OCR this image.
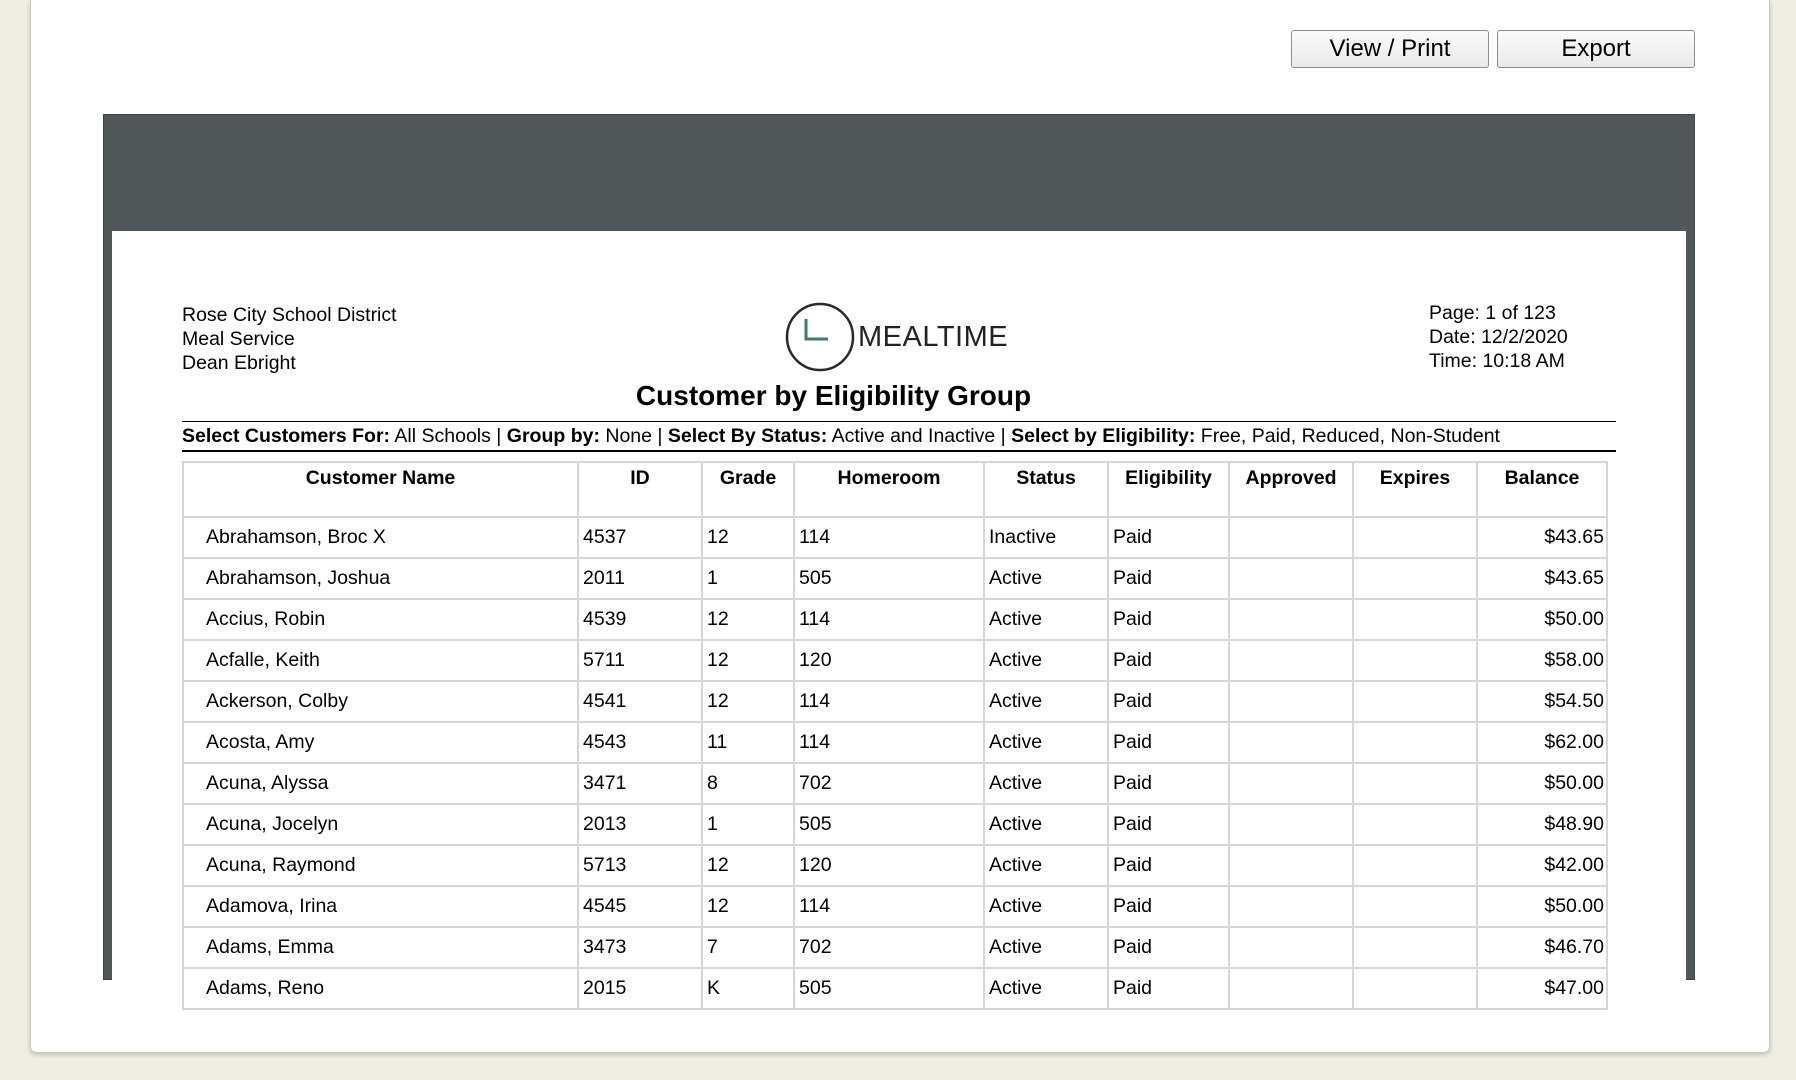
View / Print	Export
Rose City School District
Meal Service
Dean Ebright
MEALTIME
Page: 1 of 123
Date: 12/2/2020
Time: 10:18 AM
Customer by Eligibility Group
Select Customers For: All Schools | Group by: None | Select By Status: Active and Inactive | Select by Eligibility: Free, Paid, Reduced, Non-Student
Customer Name	ID	Grade	Homeroom	Status	Eligibility	Approved	Expires	Balance
Abrahamson, Broc X	4537	12	114	Inactive	Paid			$43.65
Abrahamson, Joshua	2011	1	505	Active	Paid			$43.65
Accius, Robin	4539	12	114	Active	Paid			$50.00
Acfalle, Keith	5711	12	120	Active	Paid			$58.00
Ackerson, Colby	4541	12	114	Active	Paid			$54.50
Acosta, Amy	4543	11	114	Active	Paid			$62.00
Acuna, Alyssa	3471	8	702	Active	Paid			$50.00
Acuna, Jocelyn	2013	1	505	Active	Paid			$48.90
Acuna, Raymond	5713	12	120	Active	Paid			$42.00
Adamova, Irina	4545	12	114	Active	Paid			$50.00
Adams, Emma	3473	7	702	Active	Paid			$46.70
Adams, Reno	2015	K	505	Active	Paid			$47.00
